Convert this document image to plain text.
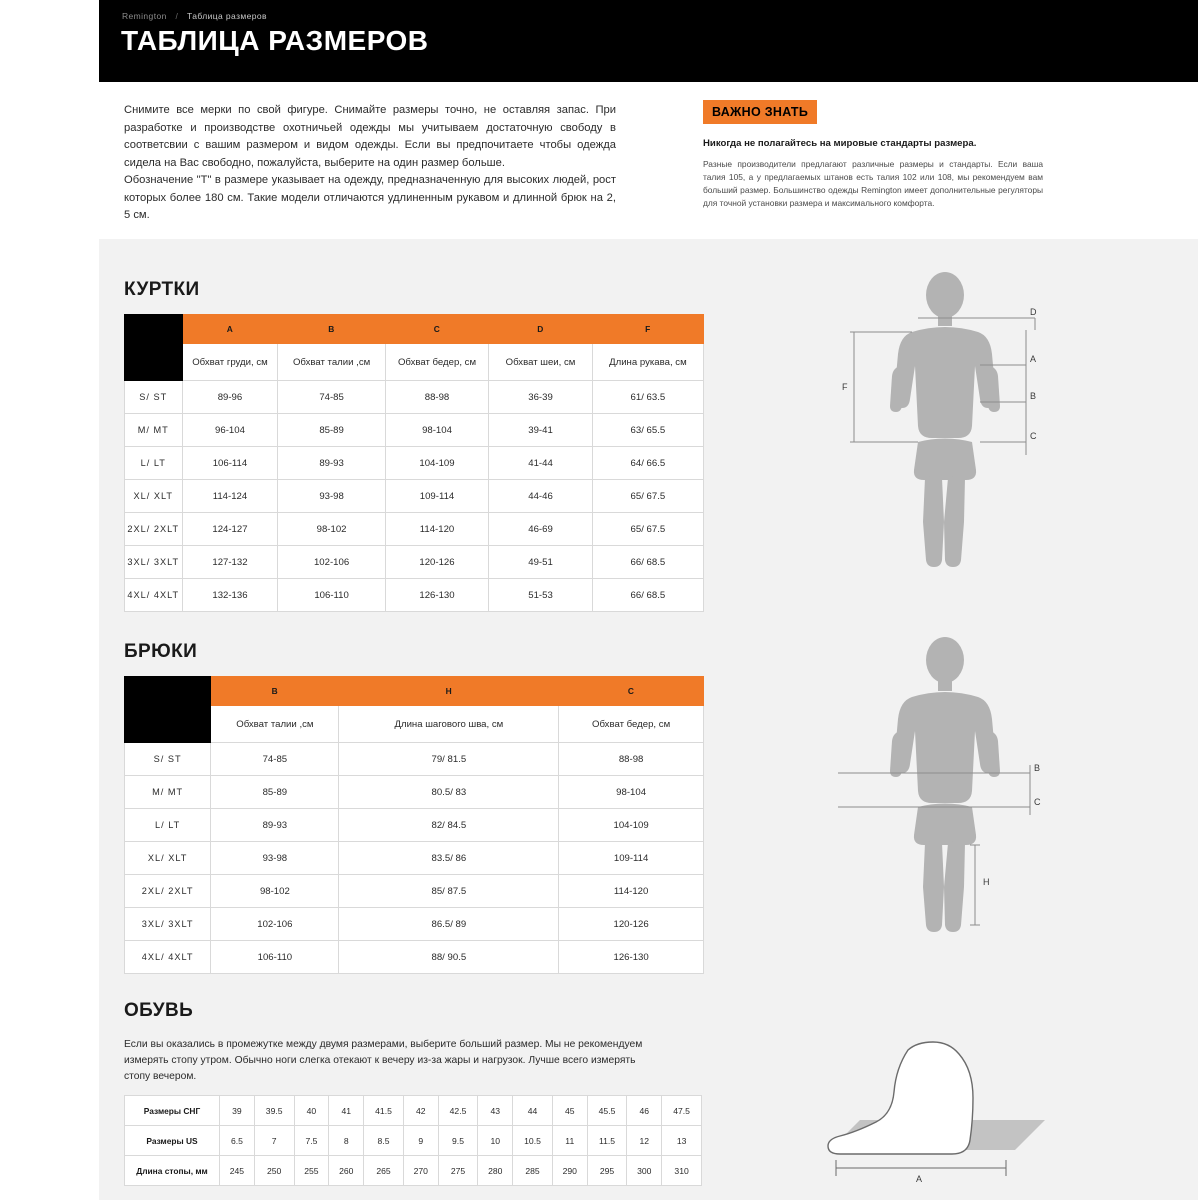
Remington / Таблица размеров
ТАБЛИЦА РАЗМЕРОВ

Снимите все мерки по свой фигуре. Снимайте размеры точно, не оставляя запас. При разработке и производстве охотничьей одежды мы учитываем достаточную свободу в соответсвии с вашим размером и видом одежды. Если вы предпочитаете чтобы одежда сидела на Вас свободно, пожалуйста, выберите на один размер больше.

Обозначение "T" в размере указывает на одежду, предназначенную для высоких людей, рост которых более 180 см. Такие модели отличаются удлиненным рукавом и длинной брюк на 2, 5 см.

ВАЖНО ЗНАТЬ
Никогда не полагайтесь на мировые стандарты размера.
Разные производители предлагают различные размеры и стандарты. Если ваша талия 105, а у предлагаемых штанов есть талия 102 или 108, мы рекомендуем вам больший размер. Большинство одежды Remington имеет дополнительные регуляторы для точной установки размера и максимального комфорта.
КУРТКИ
	A	B	C	D	F
	Обхват груди, см	Обхват талии ,см	Обхват бедер, см	Обхват шеи, см	Длина рукава, см
S/ ST	89-96	74-85	88-98	36-39	61/ 63.5
M/ MT	96-104	85-89	98-104	39-41	63/ 65.5
L/ LT	106-114	89-93	104-109	41-44	64/ 66.5
XL/ XLT	114-124	93-98	109-114	44-46	65/ 67.5
2XL/ 2XLT	124-127	98-102	114-120	46-69	65/ 67.5
3XL/ 3XLT	127-132	102-106	120-126	49-51	66/ 68.5
4XL/ 4XLT	132-136	106-110	126-130	51-53	66/ 68.5
D
A
B
C
F
БРЮКИ
	B	H	C
	Обхват талии ,см	Длина шагового шва, см	Обхват бедер, см
S/ ST	74-85	79/ 81.5	88-98
M/ MT	85-89	80.5/ 83	98-104
L/ LT	89-93	82/ 84.5	104-109
XL/ XLT	93-98	83.5/ 86	109-114
2XL/ 2XLT	98-102	85/ 87.5	114-120
3XL/ 3XLT	102-106	86.5/ 89	120-126
4XL/ 4XLT	106-110	88/ 90.5	126-130
B
C
H
ОБУВЬ
Если вы оказались в промежутке между двумя размерами, выберите больший размер. Мы не рекомендуем измерять стопу утром. Обычно ноги слегка отекают к вечеру из-за жары и нагрузок. Лучше всего измерять стопу вечером.
Размеры СНГ	39	39.5	40	41	41.5	42	42.5	43	44	45	45.5	46	47.5
Размеры US	6.5	7	7.5	8	8.5	9	9.5	10	10.5	11	11.5	12	13
Длина стопы, мм	245	250	255	260	265	270	275	280	285	290	295	300	310
A
